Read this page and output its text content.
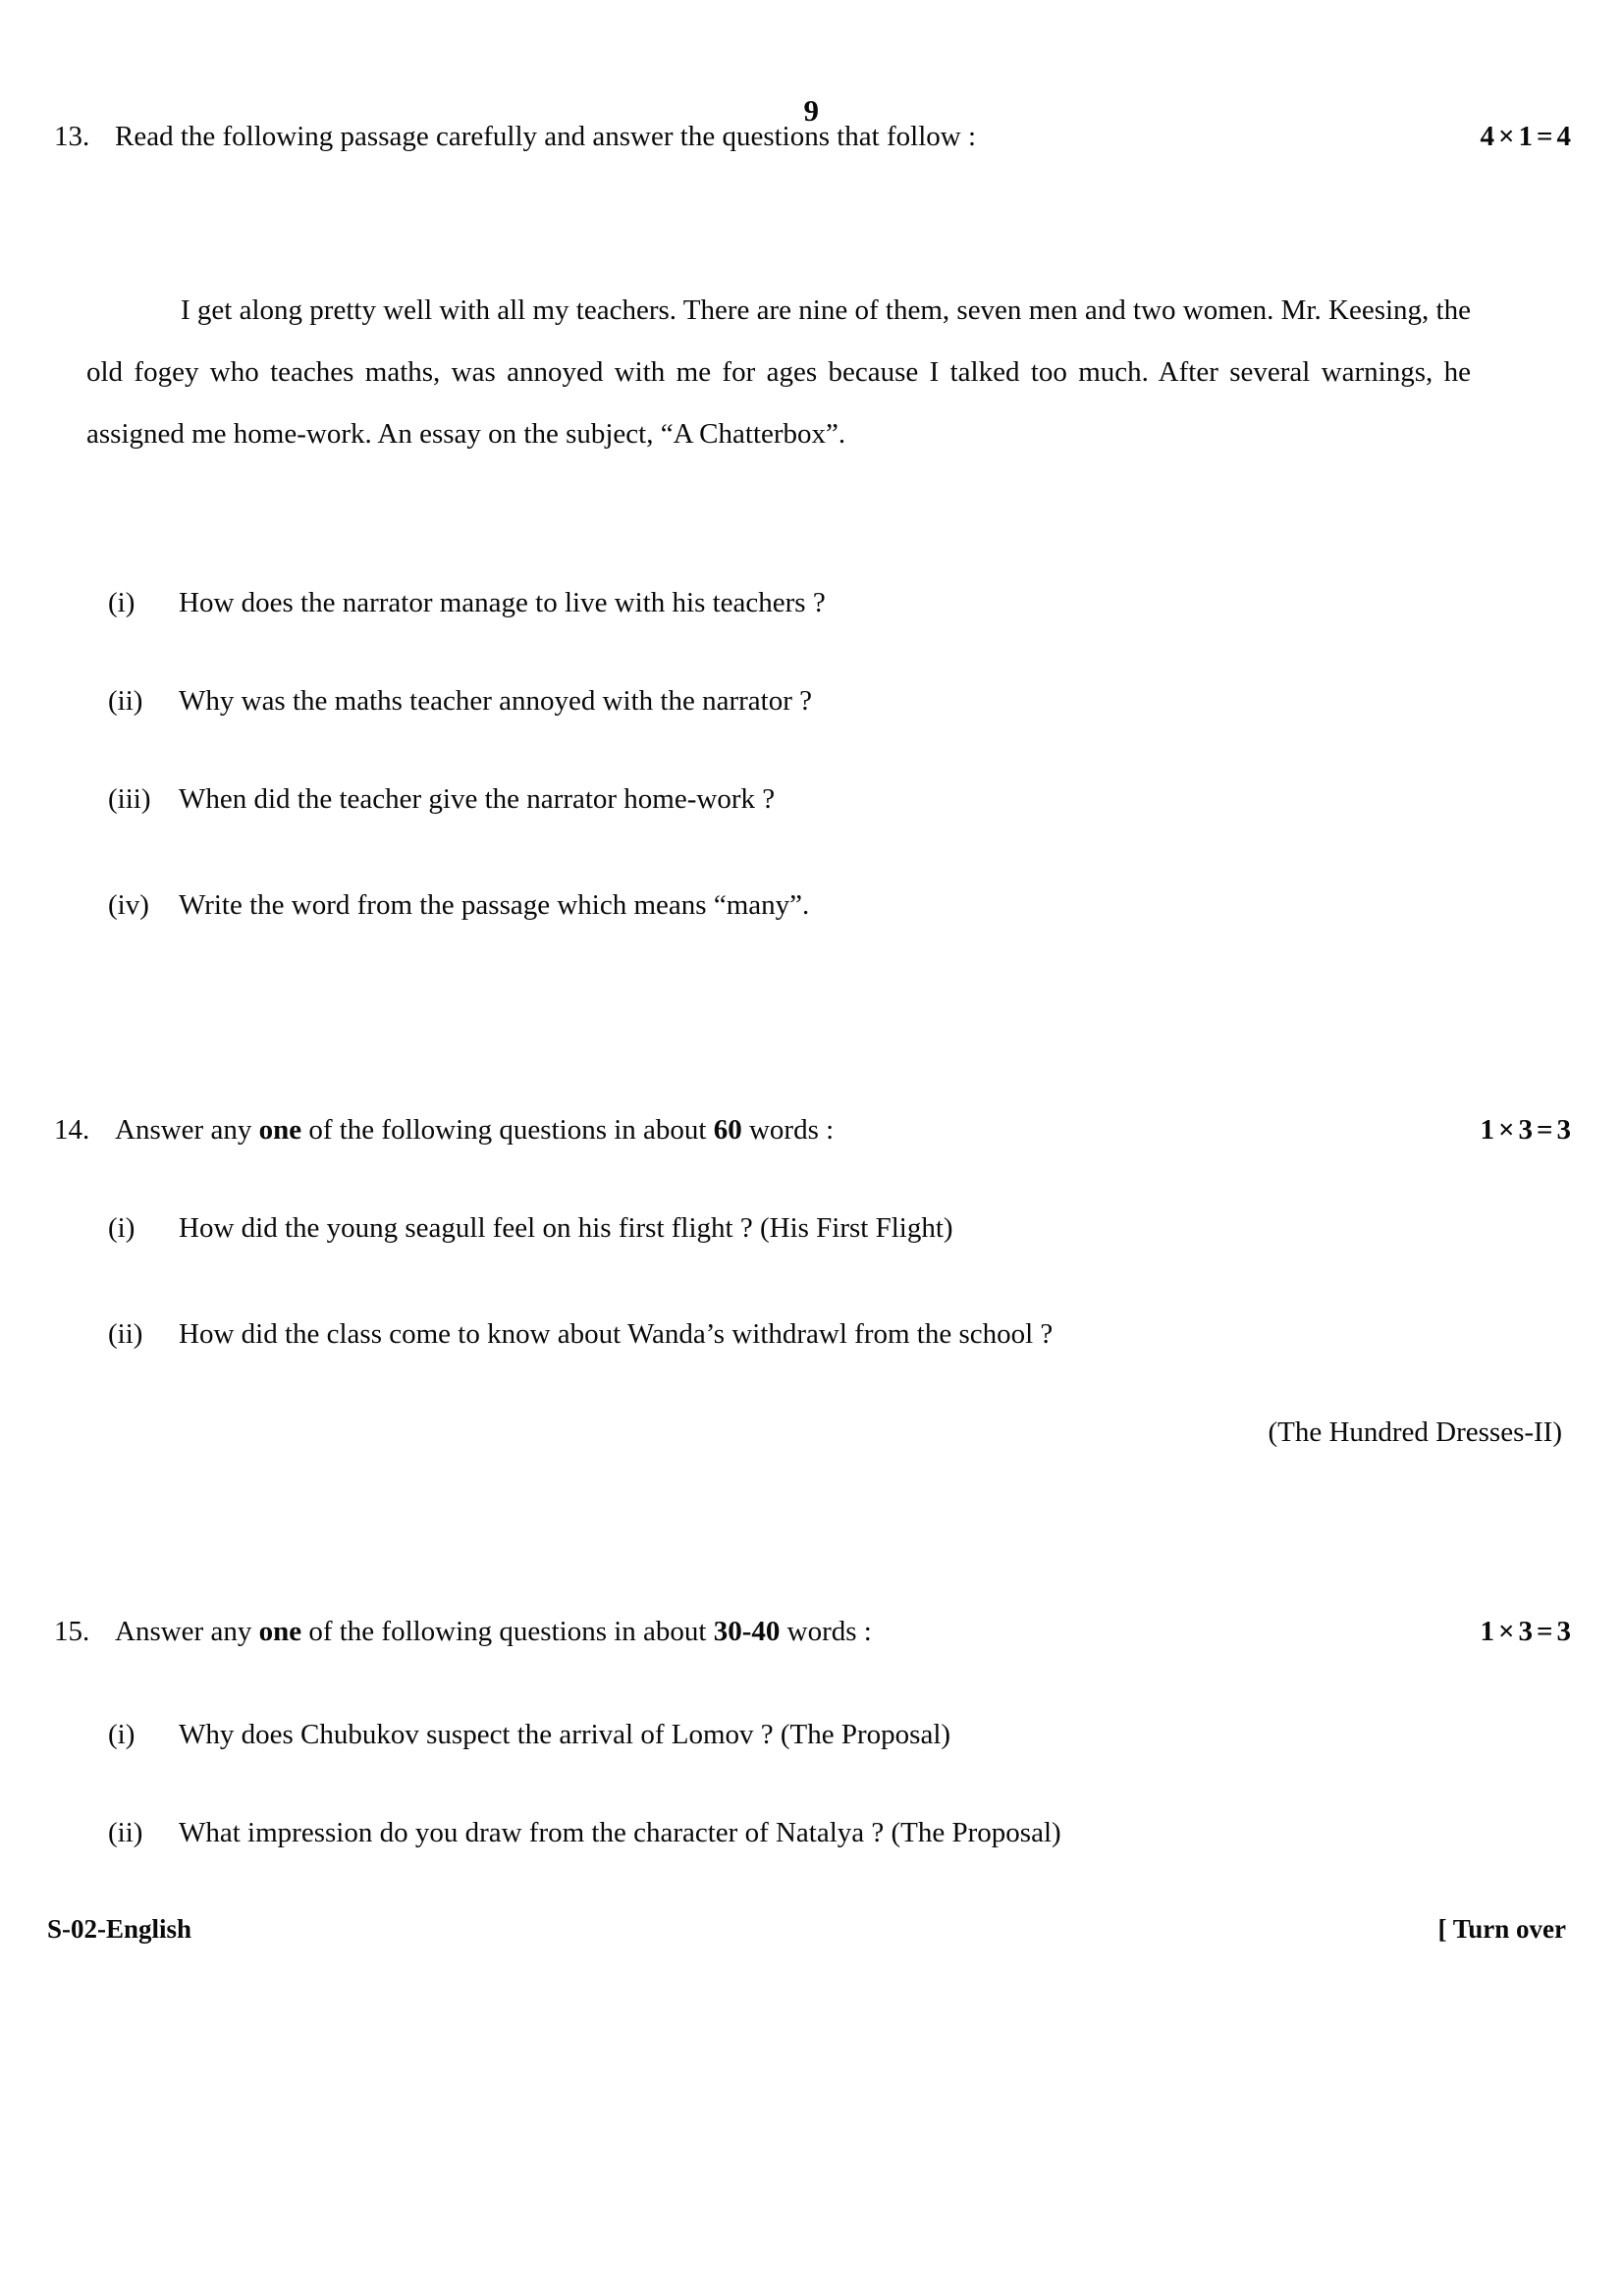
9
13. Read the following passage carefully and answer the questions that follow :	4 × 1 = 4
I get along pretty well with all my teachers. There are nine of them, seven men and two women. Mr. Keesing, the old fogey who teaches maths, was annoyed with me for ages because I talked too much. After several warnings, he assigned me home-work. An essay on the subject, “A Chatterbox”.
(i)	How does the narrator manage to live with his teachers ?
(ii)	Why was the maths teacher annoyed with the narrator ?
(iii) When did the teacher give the narrator home-work ?
(iv)	Write the word from the passage which means “many”.
14. Answer any one of the following questions in about 60 words :	1 × 3 = 3
(i)	How did the young seagull feel on his first flight ? (His First Flight)
(ii)	How did the class come to know about Wanda’s withdrawl from the school ?
(The Hundred Dresses-II)
15. Answer any one of the following questions in about 30-40 words :	1 × 3 = 3
(i)	Why does Chubukov suspect the arrival of Lomov ? (The Proposal)
(ii)	What impression do you draw from the character of Natalya ? (The Proposal)
S-02-English	[ Turn over
